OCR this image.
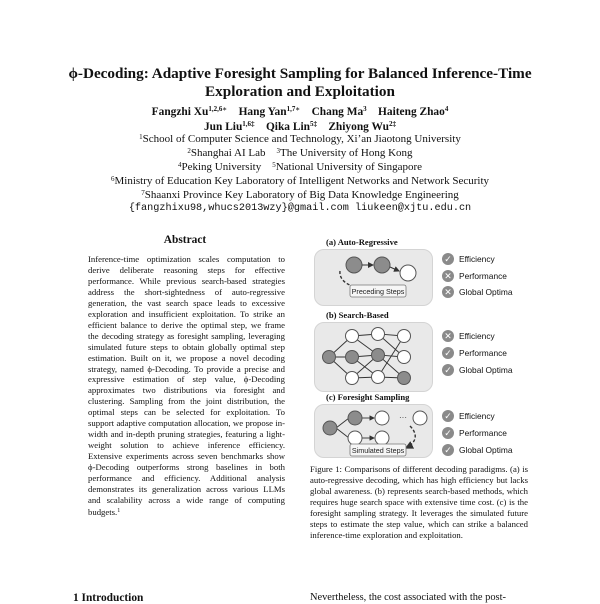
ϕ-Decoding: Adaptive Foresight Sampling for Balanced Inference-Time
Exploration and Exploitation
Fangzhi $Xu^{1,2,6∗}$ Hang Yan$^{1,7∗}$ Chang Ma$^3$ Haiteng Zhao$^4$
Jun Liu$^{1,6\ddagger}$ Qika Lin$^{5\ddagger}$ Zhiyong $Wu^{2\ddagger}$
$^1$School of Computer Science and Technology, Xi’an Jiaotong University
$^2$Shanghai AI Lab $^3$The University of Hong Kong
$^4$Peking University $^5$National University of Singapore
$^6$Ministry of Education Key Laboratory of Intelligent Networks and Network Security
$^7$Shaanxi Province Key Laboratory of Big Data Knowledge Engineering
{fangzhixu98,whucs2013wzy}@gmail.com liukeen@xjtu.edu.cn
Abstract
Inference-time optimization scales computation to derive deliberate reasoning steps for effective performance. While previous search-based strategies address the short-sightedness of auto-regressive generation, the vast search space leads to excessive exploration and insufficient exploitation. To strike an efficient balance to derive the optimal step, we frame the decoding strategy as foresight sampling, leveraging simulated future steps to obtain globally optimal step estimation. Built on it, we propose a novel decoding strategy, named ϕ-Decoding. To provide a precise and expressive estimation of step value, ϕ-Decoding approximates two distributions via foresight and clustering. Sampling from the joint distribution, the optimal steps can be selected for exploitation. To support adaptive computation allocation, we propose in-width and in-depth pruning strategies, featuring a light-weight solution to achieve inference efficiency. Extensive experiments across seven benchmarks show ϕ-Decoding outperforms strong baselines in both performance and efficiency. Additional analysis demonstrates its generalization across various LLMs and scalability across a wide range of computing budgets.$^1$
1 Introduction
(a) Auto-Regressive
Preceding Steps
✓ Efficiency
✕ Performance
✕ Global Optima
(b) Search-Based
✕ Efficiency
✓ Performance
✓ Global Optima
(c) Foresight Sampling
···
Simulated Steps
✓ Efficiency
✓ Performance
✓ Global Optima
Figure 1: Comparisons of different decoding paradigms. (a) is auto-regressive decoding, which has high efficiency but lacks global awareness. (b) represents search-based methods, which requires huge search space with extensive time cost. (c) is the foresight sampling strategy. It leverages the simulated future steps to estimate the step value, which can strike a balanced inference-time exploration and exploitation.
Nevertheless, the cost associated with the post-
